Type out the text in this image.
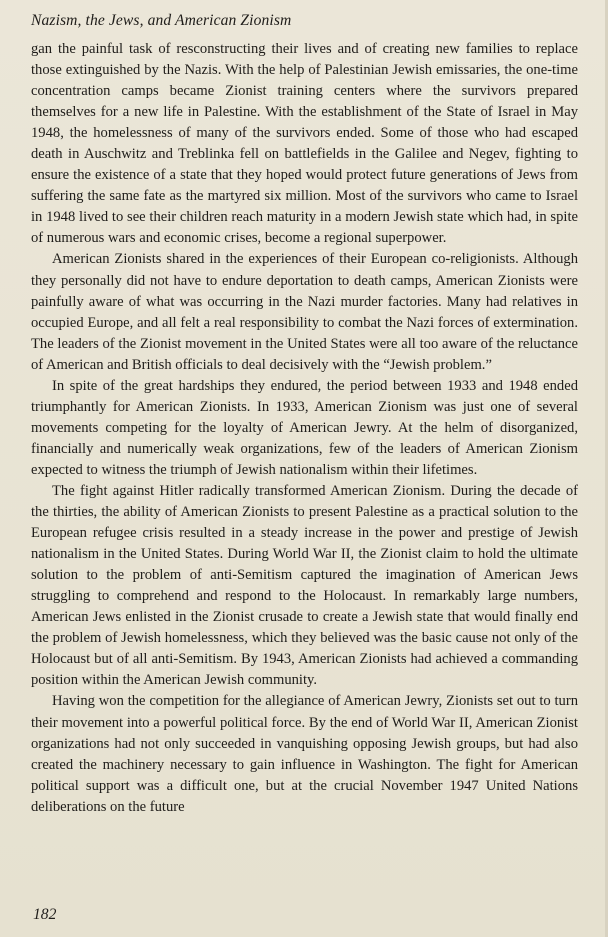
Nazism, the Jews, and American Zionism

gan the painful task of resconstructing their lives and of creating new families to replace those extinguished by the Nazis. With the help of Palestinian Jewish emissaries, the one-time concentration camps became Zionist training centers where the survivors prepared themselves for a new life in Palestine. With the establishment of the State of Israel in May 1948, the homelessness of many of the survivors ended. Some of those who had escaped death in Auschwitz and Treblinka fell on battlefields in the Galilee and Negev, fighting to ensure the existence of a state that they hoped would protect future generations of Jews from suffering the same fate as the martyred six million. Most of the survivors who came to Israel in 1948 lived to see their children reach maturity in a modern Jewish state which had, in spite of numerous wars and economic crises, become a regional superpower.

American Zionists shared in the experiences of their European co-religionists. Although they personally did not have to endure deportation to death camps, American Zionists were painfully aware of what was occurring in the Nazi murder factories. Many had relatives in occupied Europe, and all felt a real responsibility to combat the Nazi forces of extermination. The leaders of the Zionist movement in the United States were all too aware of the reluctance of American and British officials to deal decisively with the “Jewish problem.”

In spite of the great hardships they endured, the period between 1933 and 1948 ended triumphantly for American Zionists. In 1933, American Zionism was just one of several movements competing for the loyalty of American Jewry. At the helm of disorganized, financially and numerically weak organizations, few of the leaders of American Zionism expected to witness the triumph of Jewish nationalism within their lifetimes.

The fight against Hitler radically transformed American Zionism. During the decade of the thirties, the ability of American Zionists to present Palestine as a practical solution to the European refugee crisis resulted in a steady increase in the power and prestige of Jewish nationalism in the United States. During World War II, the Zionist claim to hold the ultimate solution to the problem of anti-Semitism captured the imagination of American Jews struggling to comprehend and respond to the Holocaust. In remarkably large numbers, American Jews enlisted in the Zionist crusade to create a Jewish state that would finally end the problem of Jewish homelessness, which they believed was the basic cause not only of the Holocaust but of all anti-Semitism. By 1943, American Zionists had achieved a commanding position within the American Jewish community.

Having won the competition for the allegiance of American Jewry, Zionists set out to turn their movement into a powerful political force. By the end of World War II, American Zionist organizations had not only succeeded in vanquishing opposing Jewish groups, but had also created the machinery necessary to gain influence in Washington. The fight for American political support was a difficult one, but at the crucial November 1947 United Nations deliberations on the future

182
